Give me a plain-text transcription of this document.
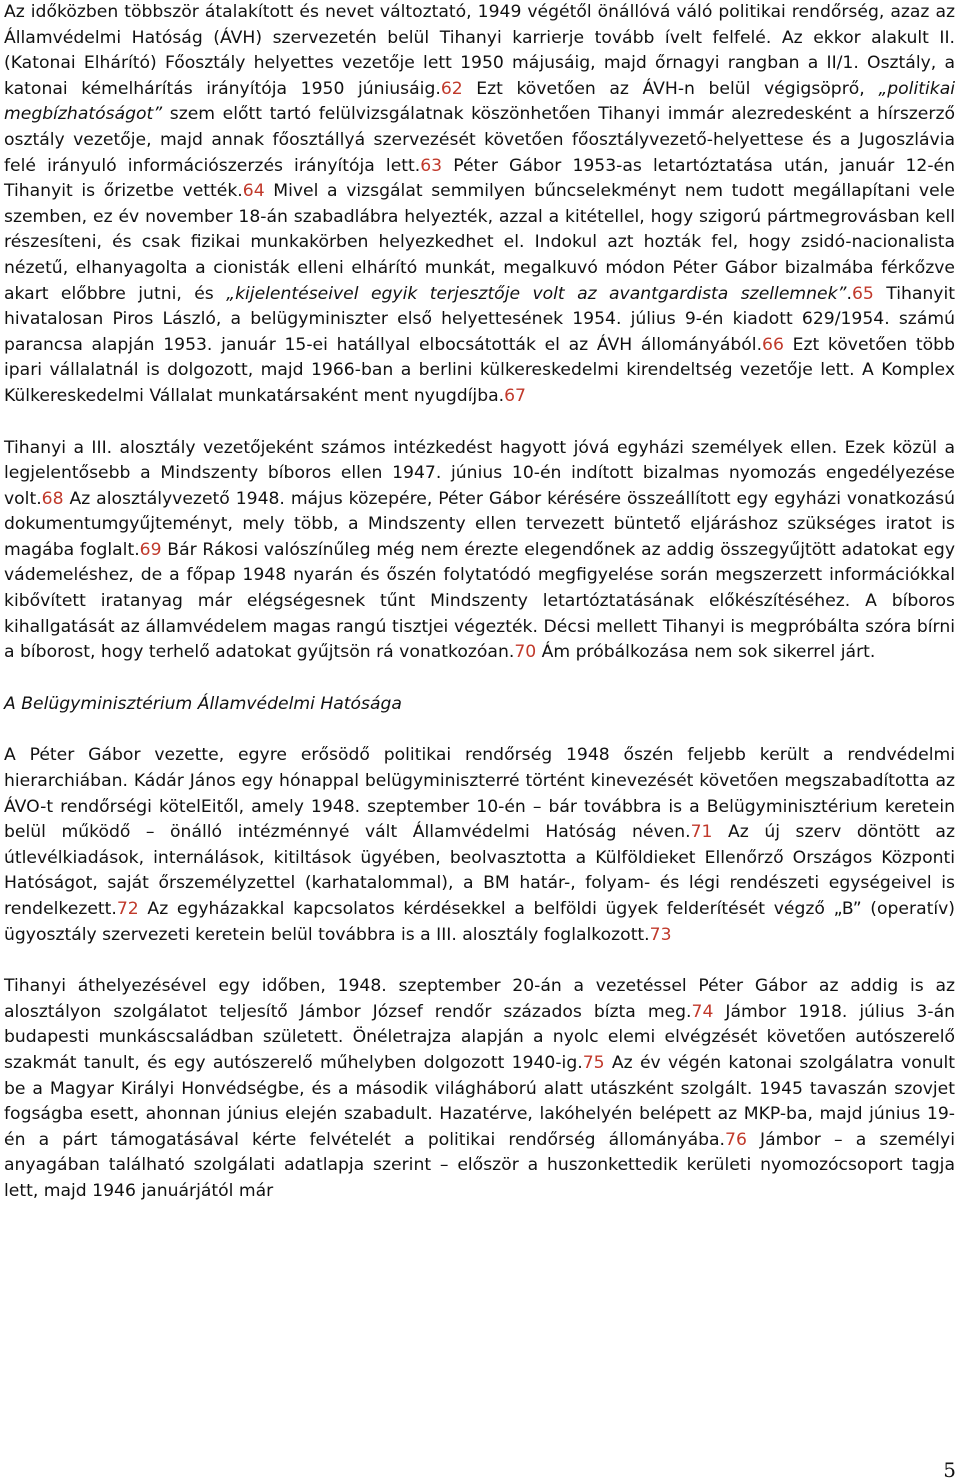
Az időközben többször átalakított és nevet változtató, 1949 végétől önállóvá váló politikai rendőrség, azaz az Államvédelmi Hatóság (ÁVH) szervezetén belül Tihanyi karrierje tovább ívelt felfelé. Az ekkor alakult II. (Katonai Elhárító) Főosztály helyettes vezetője lett 1950 májusáig, majd őrnagyi rangban a II/1. Osztály, a katonai kémelhárítás irányítója 1950 júniusáig.62 Ezt követően az ÁVH-n belül végigsöprő, „politikai megbízhatóságot” szem előtt tartó felülvizsgálatnak köszönhetően Tihanyi immár alezredesként a hírszerző osztály vezetője, majd annak főosztállyá szervezését követően főosztályvezető-helyettese és a Jugoszlávia felé irányuló információszerzés irányítója lett.63 Péter Gábor 1953-as letartóztatása után, január 12-én Tihanyit is őrizetbe vették.64 Mivel a vizsgálat semmilyen bűncselekményt nem tudott megállapítani vele szemben, ez év november 18-án szabadlábra helyezték, azzal a kitétellel, hogy szigorú pártmegrovásban kell részesíteni, és csak fizikai munkakörben helyezkedhet el. Indokul azt hozták fel, hogy zsidó-nacionalista nézetű, elhanyagolta a cionisták elleni elhárító munkát, megalkuvó módon Péter Gábor bizalmába férkőzve akart előbbre jutni, és „kijelentéseivel egyik terjesztője volt az avantgardista szellemnek”.65 Tihanyit hivatalosan Piros László, a belügyminiszter első helyettesének 1954. július 9-én kiadott 629/1954. számú parancsa alapján 1953. január 15-ei hatállyal elbocsátották el az ÁVH állományából.66 Ezt követően több ipari vállalatnál is dolgozott, majd 1966-ban a berlini külkereskedelmi kirendeltség vezetője lett. A Komplex Külkereskedelmi Vállalat munkatársaként ment nyugdíjba.67

Tihanyi a III. alosztály vezetőjeként számos intézkedést hagyott jóvá egyházi személyek ellen. Ezek közül a legjelentősebb a Mindszenty bíboros ellen 1947. június 10-én indított bizalmas nyomozás engedélyezése volt.68 Az alosztályvezető 1948. május közepére, Péter Gábor kérésére összeállított egy egyházi vonatkozású dokumentumgyűjteményt, mely több, a Mindszenty ellen tervezett büntető eljáráshoz szükséges iratot is magába foglalt.69 Bár Rákosi valószínűleg még nem érezte elegendőnek az addig összegyűjtött adatokat egy vádemeléshez, de a főpap 1948 nyarán és őszén folytatódó megfigyelése során megszerzett információkkal kibővített iratanyag már elégségesnek tűnt Mindszenty letartóztatásának előkészítéséhez. A bíboros kihallgatását az államvédelem magas rangú tisztjei végezték. Décsi mellett Tihanyi is megpróbálta szóra bírni a bíborost, hogy terhelő adatokat gyűjtsön rá vonatkozóan.70 Ám próbálkozása nem sok sikerrel járt.

A Belügyminisztérium Államvédelmi Hatósága

A Péter Gábor vezette, egyre erősödő politikai rendőrség 1948 őszén feljebb került a rendvédelmi hierarchiában. Kádár János egy hónappal belügyminiszterré történt kinevezését követően megszabadította az ÁVO-t rendőrségi kötelEitől, amely 1948. szeptember 10-én – bár továbbra is a Belügyminisztérium keretein belül működő – önálló intézménnyé vált Államvédelmi Hatóság néven.71 Az új szerv döntött az útlevélkiadások, internálások, kitiltások ügyében, beolvasztotta a Külföldieket Ellenőrző Országos Központi Hatóságot, saját őrszemélyzettel (karhatalommal), a BM határ-, folyam- és légi rendészeti egységeivel is rendelkezett.72 Az egyházakkal kapcsolatos kérdésekkel a belföldi ügyek felderítését végző „B” (operatív) ügyosztály szervezeti keretein belül továbbra is a III. alosztály foglalkozott.73

Tihanyi áthelyezésével egy időben, 1948. szeptember 20-án a vezetéssel Péter Gábor az addig is az alosztályon szolgálatot teljesítő Jámbor József rendőr százados bízta meg.74 Jámbor 1918. július 3-án budapesti munkáscsaládban született. Önéletrajza alapján a nyolc elemi elvégzését követően autószerelő szakmát tanult, és egy autószerelő műhelyben dolgozott 1940-ig.75 Az év végén katonai szolgálatra vonult be a Magyar Királyi Honvédségbe, és a második világháború alatt utászként szolgált. 1945 tavaszán szovjet fogságba esett, ahonnan június elején szabadult. Hazatérve, lakóhelyén belépett az MKP-ba, majd június 19-én a párt támogatásával kérte felvételét a politikai rendőrség állományába.76 Jámbor – a személyi anyagában található szolgálati adatlapja szerint – először a huszonkettedik kerületi nyomozócsoport tagja lett, majd 1946 januárjától már

5
